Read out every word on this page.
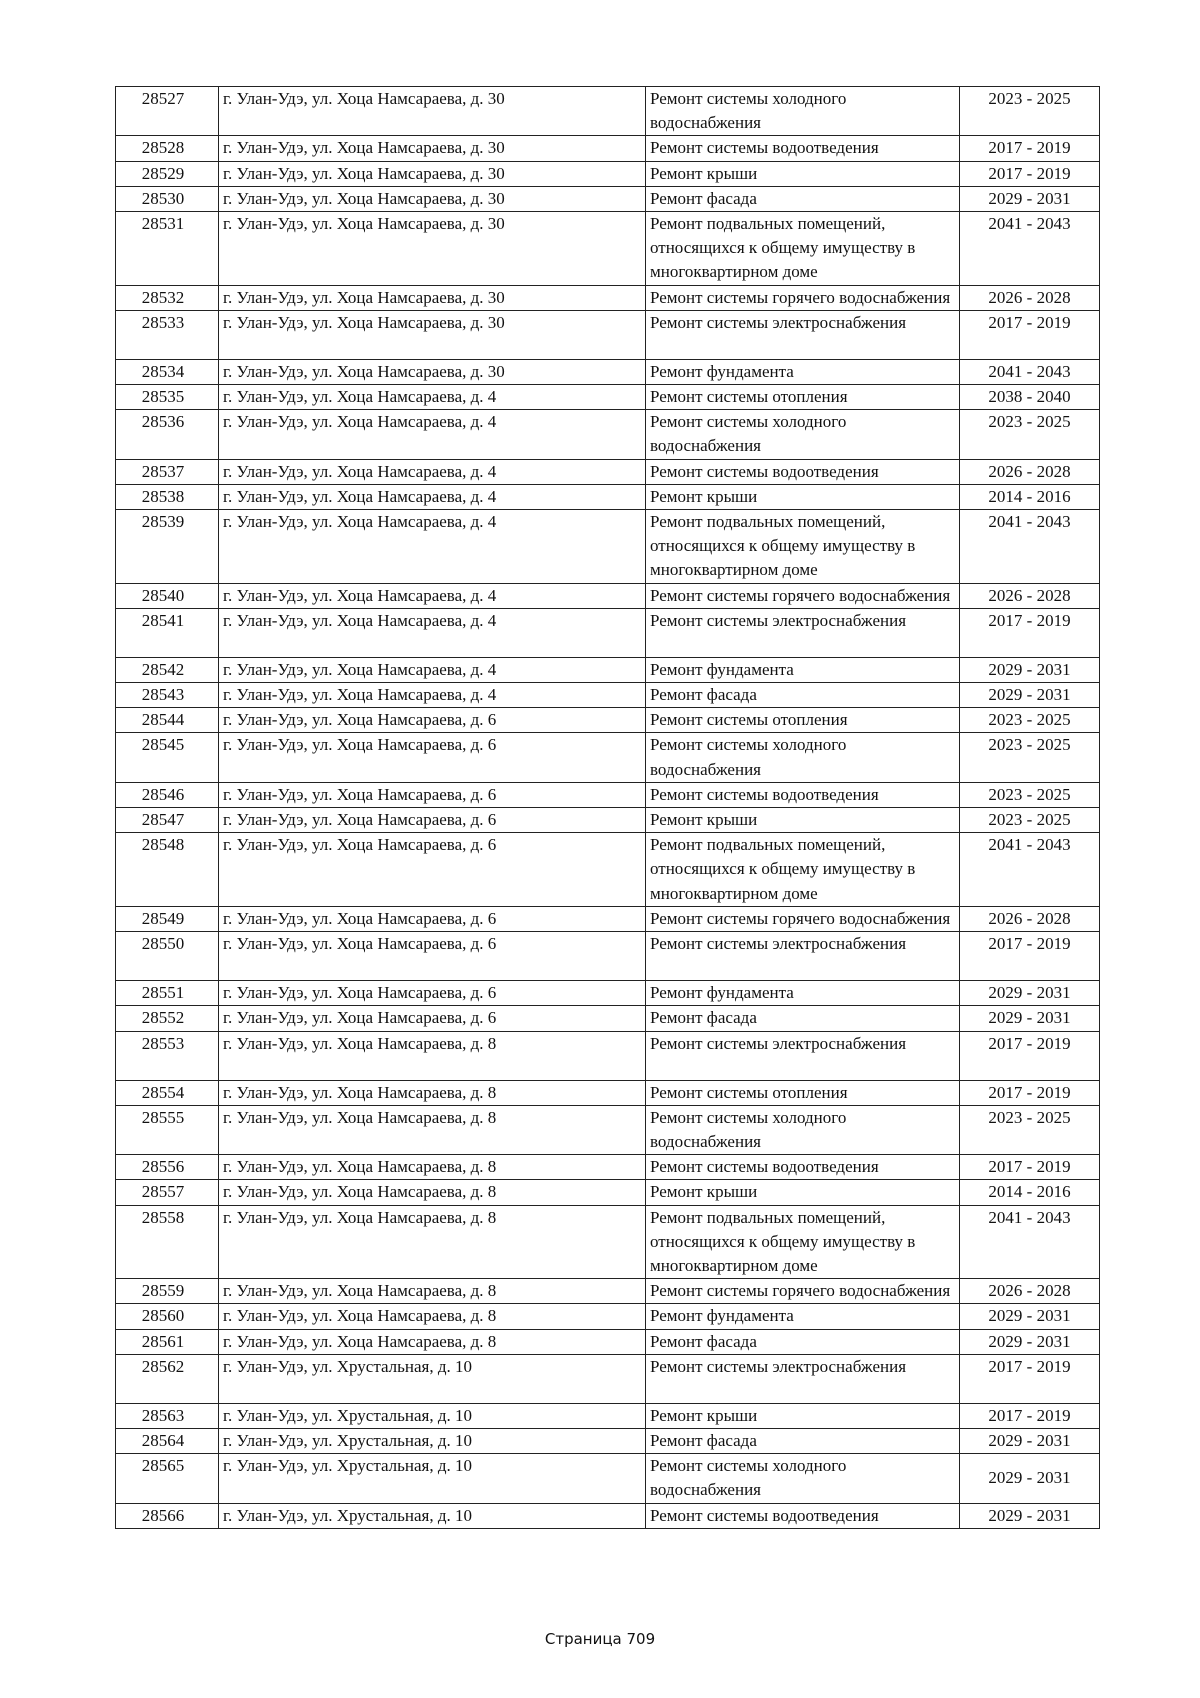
28527	г. Улан-Удэ, ул. Хоца Намсараева, д. 30	Ремонт системы холодного водоснабжения	2023 - 2025
28528	г. Улан-Удэ, ул. Хоца Намсараева, д. 30	Ремонт системы водоотведения	2017 - 2019
28529	г. Улан-Удэ, ул. Хоца Намсараева, д. 30	Ремонт крыши	2017 - 2019
28530	г. Улан-Удэ, ул. Хоца Намсараева, д. 30	Ремонт фасада	2029 - 2031
28531	г. Улан-Удэ, ул. Хоца Намсараева, д. 30	Ремонт подвальных помещений, относящихся к общему имуществу в многоквартирном доме	2041 - 2043
28532	г. Улан-Удэ, ул. Хоца Намсараева, д. 30	Ремонт системы горячего водоснабжения	2026 - 2028
28533	г. Улан-Удэ, ул. Хоца Намсараева, д. 30	Ремонт системы электроснабжения	2017 - 2019
28534	г. Улан-Удэ, ул. Хоца Намсараева, д. 30	Ремонт фундамента	2041 - 2043
28535	г. Улан-Удэ, ул. Хоца Намсараева, д. 4	Ремонт системы отопления	2038 - 2040
28536	г. Улан-Удэ, ул. Хоца Намсараева, д. 4	Ремонт системы холодного водоснабжения	2023 - 2025
28537	г. Улан-Удэ, ул. Хоца Намсараева, д. 4	Ремонт системы водоотведения	2026 - 2028
28538	г. Улан-Удэ, ул. Хоца Намсараева, д. 4	Ремонт крыши	2014 - 2016
28539	г. Улан-Удэ, ул. Хоца Намсараева, д. 4	Ремонт подвальных помещений, относящихся к общему имуществу в многоквартирном доме	2041 - 2043
28540	г. Улан-Удэ, ул. Хоца Намсараева, д. 4	Ремонт системы горячего водоснабжения	2026 - 2028
28541	г. Улан-Удэ, ул. Хоца Намсараева, д. 4	Ремонт системы электроснабжения	2017 - 2019
28542	г. Улан-Удэ, ул. Хоца Намсараева, д. 4	Ремонт фундамента	2029 - 2031
28543	г. Улан-Удэ, ул. Хоца Намсараева, д. 4	Ремонт фасада	2029 - 2031
28544	г. Улан-Удэ, ул. Хоца Намсараева, д. 6	Ремонт системы отопления	2023 - 2025
28545	г. Улан-Удэ, ул. Хоца Намсараева, д. 6	Ремонт системы холодного водоснабжения	2023 - 2025
28546	г. Улан-Удэ, ул. Хоца Намсараева, д. 6	Ремонт системы водоотведения	2023 - 2025
28547	г. Улан-Удэ, ул. Хоца Намсараева, д. 6	Ремонт крыши	2023 - 2025
28548	г. Улан-Удэ, ул. Хоца Намсараева, д. 6	Ремонт подвальных помещений, относящихся к общему имуществу в многоквартирном доме	2041 - 2043
28549	г. Улан-Удэ, ул. Хоца Намсараева, д. 6	Ремонт системы горячего водоснабжения	2026 - 2028
28550	г. Улан-Удэ, ул. Хоца Намсараева, д. 6	Ремонт системы электроснабжения	2017 - 2019
28551	г. Улан-Удэ, ул. Хоца Намсараева, д. 6	Ремонт фундамента	2029 - 2031
28552	г. Улан-Удэ, ул. Хоца Намсараева, д. 6	Ремонт фасада	2029 - 2031
28553	г. Улан-Удэ, ул. Хоца Намсараева, д. 8	Ремонт системы электроснабжения	2017 - 2019
28554	г. Улан-Удэ, ул. Хоца Намсараева, д. 8	Ремонт системы отопления	2017 - 2019
28555	г. Улан-Удэ, ул. Хоца Намсараева, д. 8	Ремонт системы холодного водоснабжения	2023 - 2025
28556	г. Улан-Удэ, ул. Хоца Намсараева, д. 8	Ремонт системы водоотведения	2017 - 2019
28557	г. Улан-Удэ, ул. Хоца Намсараева, д. 8	Ремонт крыши	2014 - 2016
28558	г. Улан-Удэ, ул. Хоца Намсараева, д. 8	Ремонт подвальных помещений, относящихся к общему имуществу в многоквартирном доме	2041 - 2043
28559	г. Улан-Удэ, ул. Хоца Намсараева, д. 8	Ремонт системы горячего водоснабжения	2026 - 2028
28560	г. Улан-Удэ, ул. Хоца Намсараева, д. 8	Ремонт фундамента	2029 - 2031
28561	г. Улан-Удэ, ул. Хоца Намсараева, д. 8	Ремонт фасада	2029 - 2031
28562	г. Улан-Удэ, ул. Хрустальная, д. 10	Ремонт системы электроснабжения	2017 - 2019
28563	г. Улан-Удэ, ул. Хрустальная, д. 10	Ремонт крыши	2017 - 2019
28564	г. Улан-Удэ, ул. Хрустальная, д. 10	Ремонт фасада	2029 - 2031
28565	г. Улан-Удэ, ул. Хрустальная, д. 10	Ремонт системы холодного водоснабжения	2029 - 2031
28566	г. Улан-Удэ, ул. Хрустальная, д. 10	Ремонт системы водоотведения	2029 - 2031
Страница 709
